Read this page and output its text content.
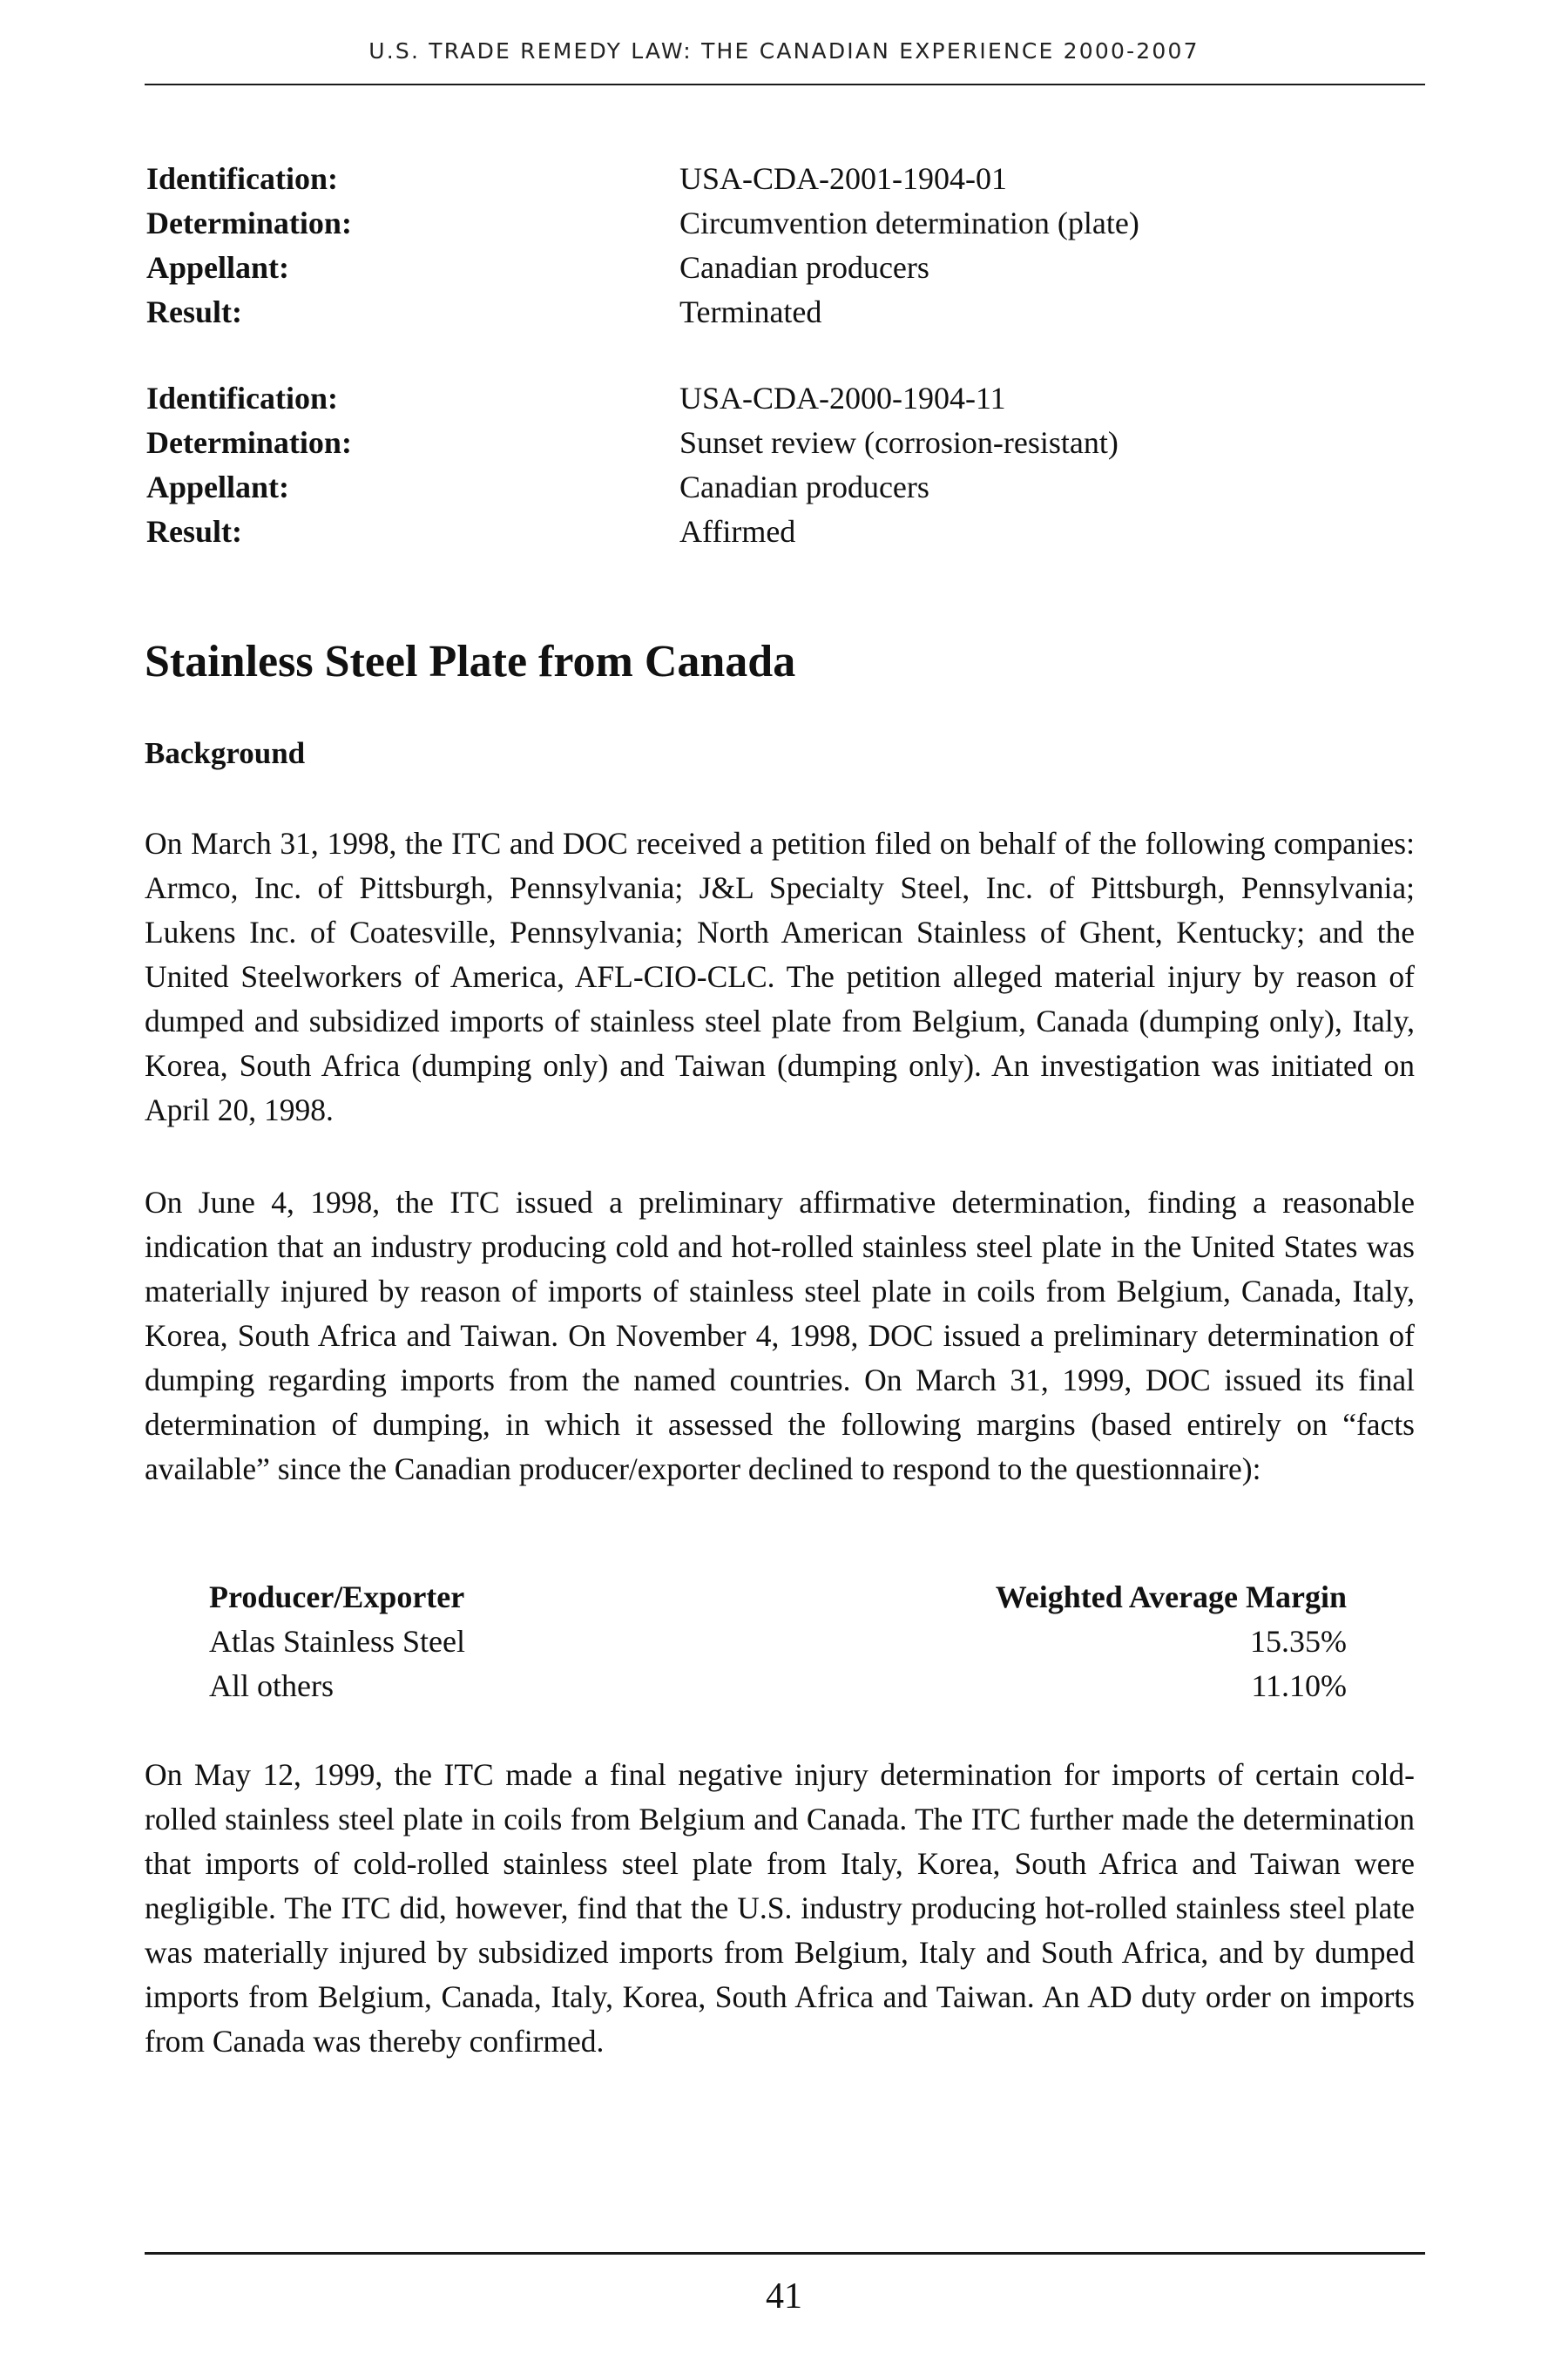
U.S. TRADE REMEDY LAW: THE CANADIAN EXPERIENCE 2000-2007
Identification:	USA-CDA-2001-1904-01
Determination:	Circumvention determination (plate)
Appellant:	Canadian producers
Result:	Terminated
Identification:	USA-CDA-2000-1904-11
Determination:	Sunset review (corrosion-resistant)
Appellant:	Canadian producers
Result:	Affirmed
Stainless Steel Plate from Canada
Background

On March 31, 1998, the ITC and DOC received a petition filed on behalf of the following companies: Armco, Inc. of Pittsburgh, Pennsylvania; J&L Specialty Steel, Inc. of Pittsburgh, Pennsylvania; Lukens Inc. of Coatesville, Pennsylvania; North American Stainless of Ghent, Kentucky; and the United Steelworkers of America, AFL-CIO-CLC. The petition alleged material injury by reason of dumped and subsidized imports of stainless steel plate from Belgium, Canada (dumping only), Italy, Korea, South Africa (dumping only) and Taiwan (dumping only). An investigation was initiated on April 20, 1998.

On June 4, 1998, the ITC issued a preliminary affirmative determination, finding a reasonable indication that an industry producing cold and hot-rolled stainless steel plate in the United States was materially injured by reason of imports of stainless steel plate in coils from Belgium, Canada, Italy, Korea, South Africa and Taiwan. On November 4, 1998, DOC issued a preliminary determination of dumping regarding imports from the named countries. On March 31, 1999, DOC issued its final determination of dumping, in which it assessed the following margins (based entirely on “facts available” since the Canadian producer/exporter declined to respond to the questionnaire):

Producer/Exporter	Weighted Average Margin
Atlas Stainless Steel	15.35%
All others	11.10%

On May 12, 1999, the ITC made a final negative injury determination for imports of certain cold-rolled stainless steel plate in coils from Belgium and Canada. The ITC further made the determination that imports of cold-rolled stainless steel plate from Italy, Korea, South Africa and Taiwan were negligible. The ITC did, however, find that the U.S. industry producing hot-rolled stainless steel plate was materially injured by subsidized imports from Belgium, Italy and South Africa, and by dumped imports from Belgium, Canada, Italy, Korea, South Africa and Taiwan. An AD duty order on imports from Canada was thereby confirmed.

41
